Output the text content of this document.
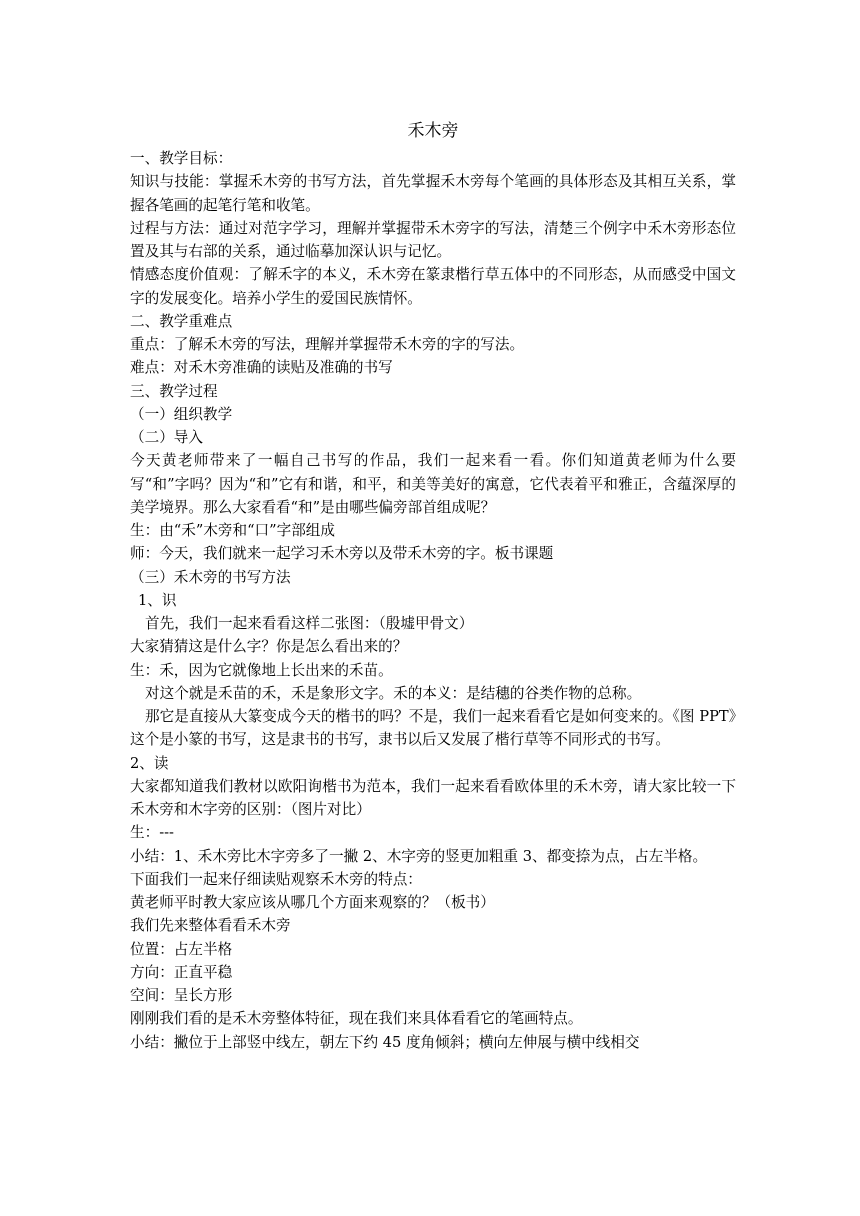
禾木旁
一、教学目标：
知识与技能：掌握禾木旁的书写方法，首先掌握禾木旁每个笔画的具体形态及其相互关系，掌握各笔画的起笔行笔和收笔。
过程与方法：通过对范字学习，理解并掌握带禾木旁字的写法，清楚三个例字中禾木旁形态位置及其与右部的关系，通过临摹加深认识与记忆。
情感态度价值观：了解禾字的本义，禾木旁在篆隶楷行草五体中的不同形态，从而感受中国文字的发展变化。培养小学生的爱国民族情怀。
二、教学重难点
重点：了解禾木旁的写法，理解并掌握带禾木旁的字的写法。
难点：对禾木旁准确的读贴及准确的书写
三、教学过程
（一）组织教学
（二）导入
今天黄老师带来了一幅自己书写的作品，我们一起来看一看。你们知道黄老师为什么要写“和”字吗？因为“和”它有和谐，和平，和美等美好的寓意，它代表着平和雅正，含蕴深厚的美学境界。那么大家看看“和”是由哪些偏旁部首组成呢？
生：由“禾”木旁和“口”字部组成
师：今天，我们就来一起学习禾木旁以及带禾木旁的字。板书课题
（三）禾木旁的书写方法
1、识
首先，我们一起来看看这样二张图：（殷墟甲骨文）
大家猜猜这是什么字？你是怎么看出来的？
生：禾，因为它就像地上长出来的禾苗。
对这个就是禾苗的禾，禾是象形文字。禾的本义：是结穗的谷类作物的总称。
那它是直接从大篆变成今天的楷书的吗？不是，我们一起来看看它是如何变来的。《图 PPT》这个是小篆的书写，这是隶书的书写，隶书以后又发展了楷行草等不同形式的书写。
2、读
大家都知道我们教材以欧阳询楷书为范本，我们一起来看看欧体里的禾木旁，请大家比较一下禾木旁和木字旁的区别：（图片对比）
生：---
小结：1、禾木旁比木字旁多了一撇 2、木字旁的竖更加粗重 3、都变捺为点，占左半格。
下面我们一起来仔细读贴观察禾木旁的特点：
黄老师平时教大家应该从哪几个方面来观察的？（板书）
我们先来整体看看禾木旁
位置：占左半格
方向：正直平稳
空间：呈长方形
刚刚我们看的是禾木旁整体特征，现在我们来具体看看它的笔画特点。
小结：撇位于上部竖中线左，朝左下约 45 度角倾斜；横向左伸展与横中线相交
